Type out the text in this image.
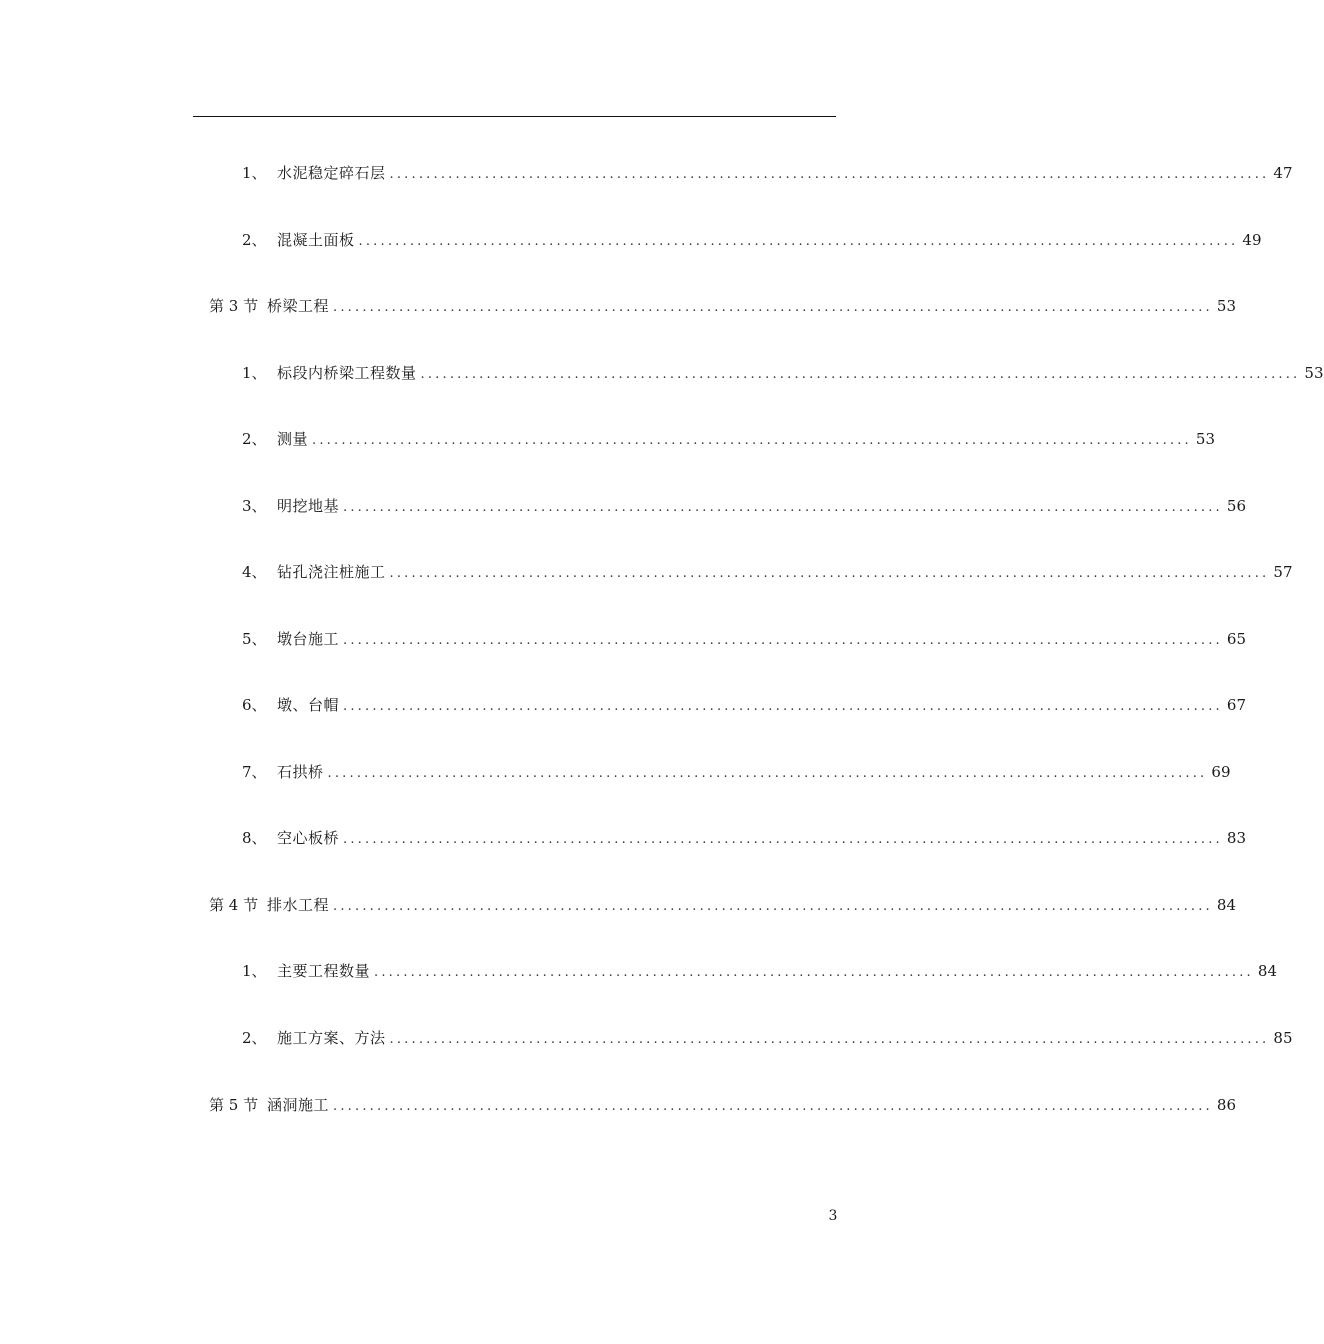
1、 水泥稳定碎石层 ........................................................................................................................ 47
2、 混凝土面板 ........................................................................................................................ 49
第 3 节 桥梁工程 ........................................................................................................................ 53
1、 标段内桥梁工程数量 ........................................................................................................................ 53
2、 测量 ........................................................................................................................ 53
3、 明挖地基 ........................................................................................................................ 56
4、 钻孔浇注桩施工 ........................................................................................................................ 57
5、 墩台施工 ........................................................................................................................ 65
6、 墩、台帽 ........................................................................................................................ 67
7、 石拱桥 ........................................................................................................................ 69
8、 空心板桥 ........................................................................................................................ 83
第 4 节 排水工程 ........................................................................................................................ 84
1、 主要工程数量 ........................................................................................................................ 84
2、 施工方案、方法 ........................................................................................................................ 85
第 5 节 涵洞施工 ........................................................................................................................ 86
3
